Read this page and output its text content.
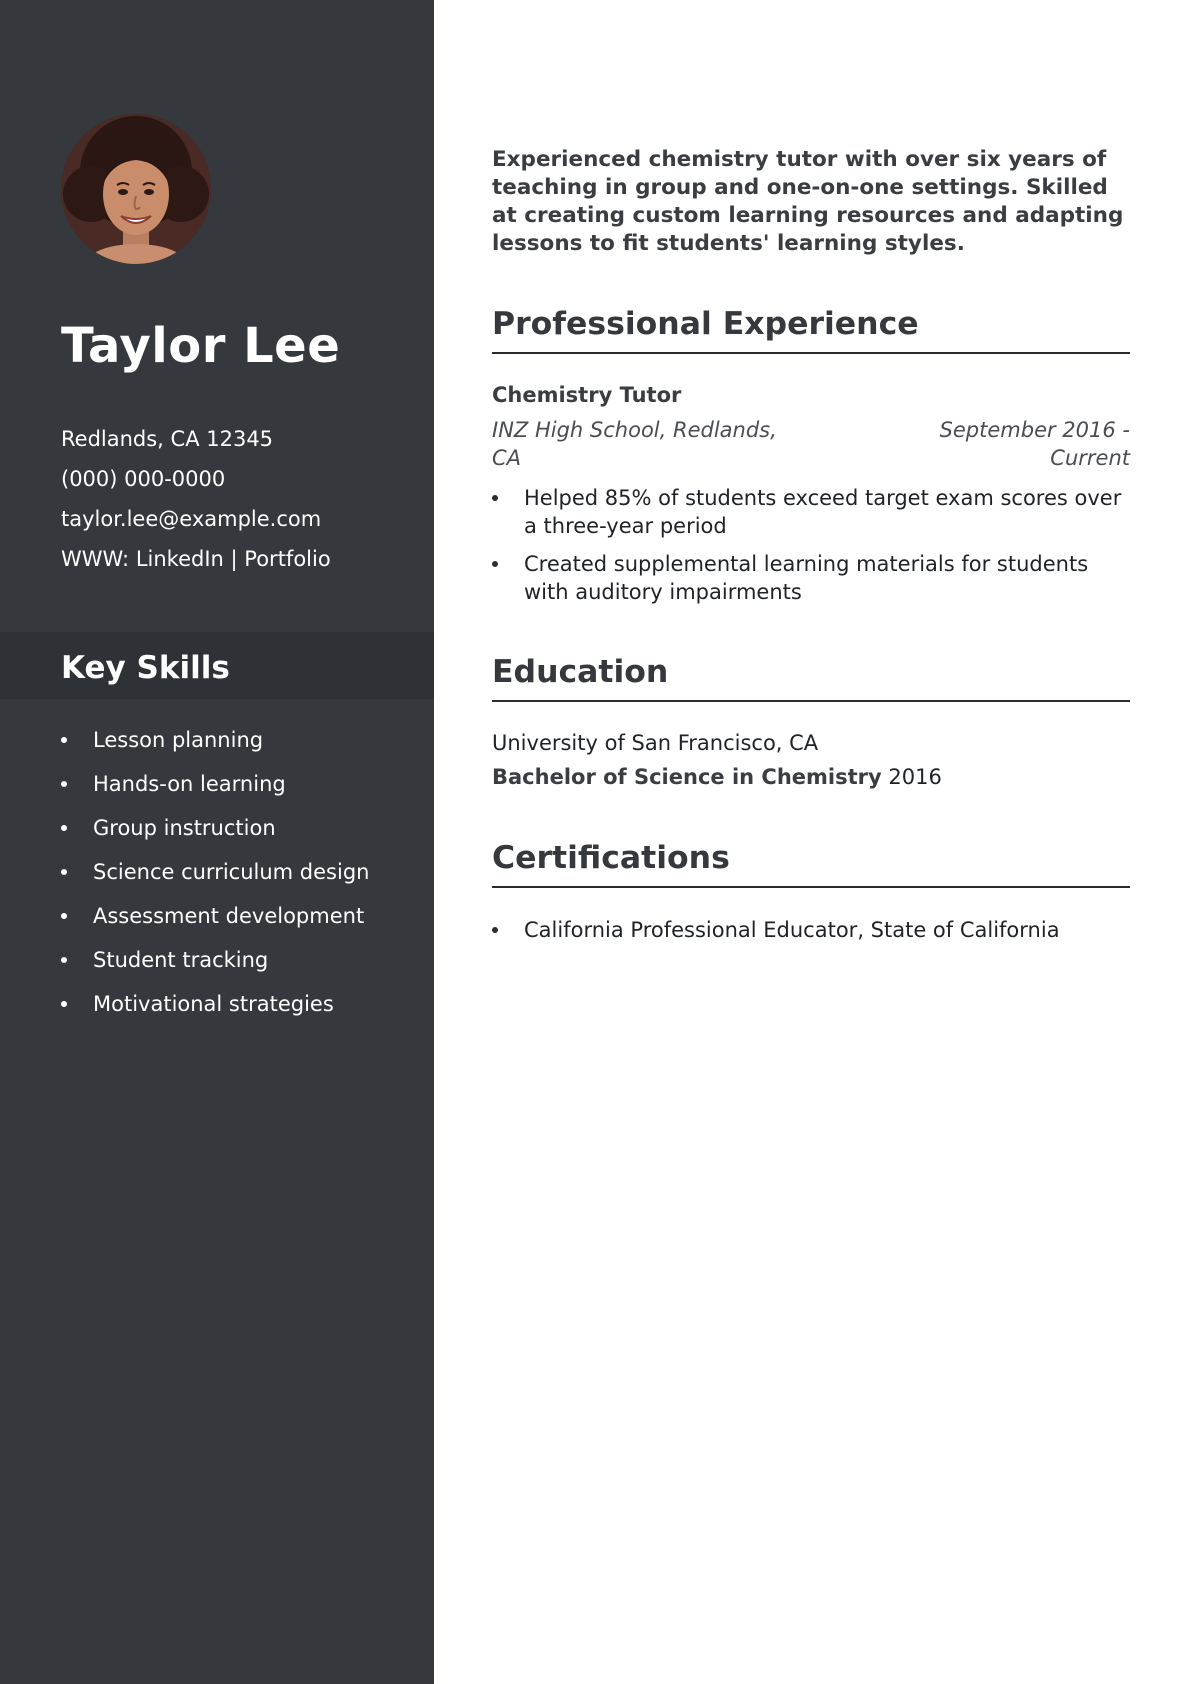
Taylor Lee
Redlands, CA 12345
(000) 000-0000
taylor.lee@example.com
WWW: LinkedIn | Portfolio
Key Skills
Lesson planning
Hands-on learning
Group instruction
Science curriculum design
Assessment development
Student tracking
Motivational strategies

Experienced chemistry tutor with over six years of teaching in group and one-on-one settings. Skilled at creating custom learning resources and adapting lessons to fit students' learning styles.

Professional Experience
Chemistry Tutor
INZ High School, Redlands, CA
September 2016 - Current
Helped 85% of students exceed target exam scores over a three-year period
Created supplemental learning materials for students with auditory impairments
Education

University of San Francisco, CA

Bachelor of Science in Chemistry 2016

Certifications
California Professional Educator, State of California
